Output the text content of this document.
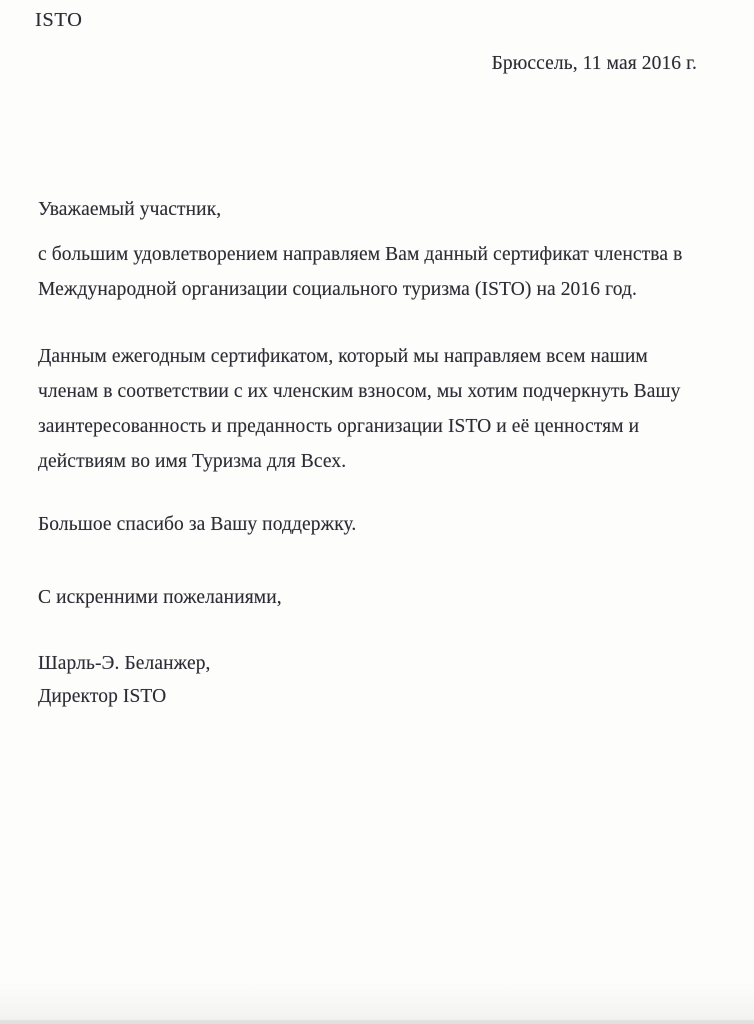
ISTO
Брюссель, 11 мая 2016 г.
Уважаемый участник,
с большим удовлетворением направляем Вам данный сертификат членства в
Международной организации социального туризма (ISTO) на 2016 год.
Данным ежегодным сертификатом, который мы направляем всем нашим
членам в соответствии с их членским взносом, мы хотим подчеркнуть Вашу
заинтересованность и преданность организации ISTO и её ценностям и
действиям во имя Туризма для Всех.
Большое спасибо за Вашу поддержку.
С искренними пожеланиями,
Шарль-Э. Беланжер,
Директор ISTO
